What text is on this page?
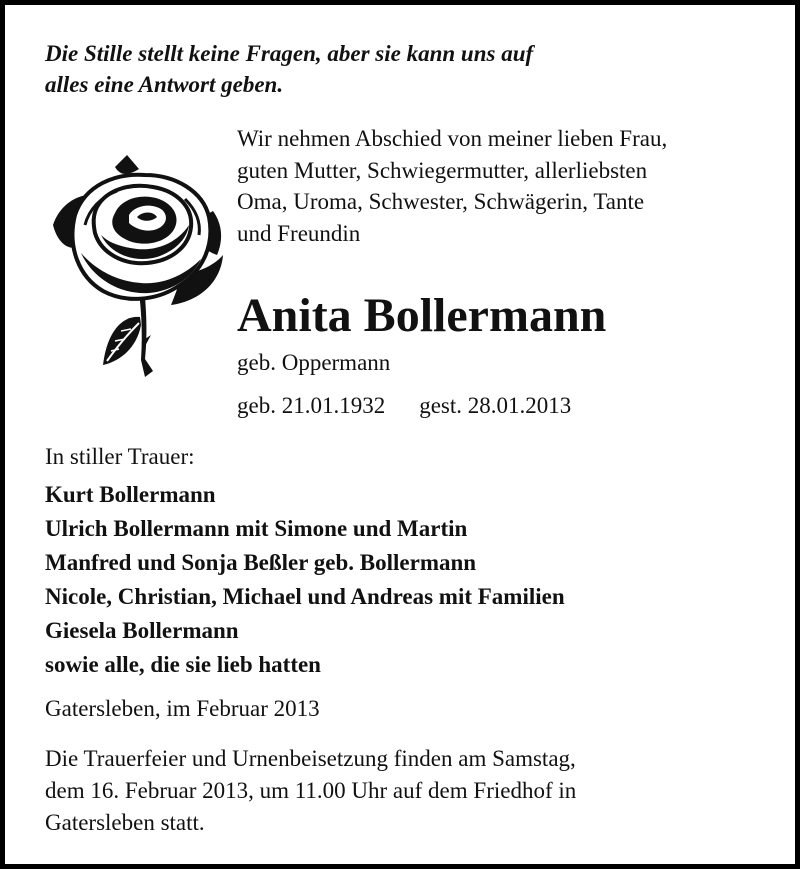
Die Stille stellt keine Fragen, aber sie kann uns auf
alles eine Antwort geben.
Wir nehmen Abschied von meiner lieben Frau,
guten Mutter, Schwiegermutter, allerliebsten
Oma, Uroma, Schwester, Schwägerin, Tante
und Freundin
Anita Bollermann
geb. Oppermann
geb. 21.01.1932 gest. 28.01.2013
In stiller Trauer:
Kurt Bollermann
Ulrich Bollermann mit Simone und Martin
Manfred und Sonja Beßler geb. Bollermann
Nicole, Christian, Michael und Andreas mit Familien
Giesela Bollermann
sowie alle, die sie lieb hatten
Gatersleben, im Februar 2013
Die Trauerfeier und Urnenbeisetzung finden am Samstag,
dem 16. Februar 2013, um 11.00 Uhr auf dem Friedhof in
Gatersleben statt.
